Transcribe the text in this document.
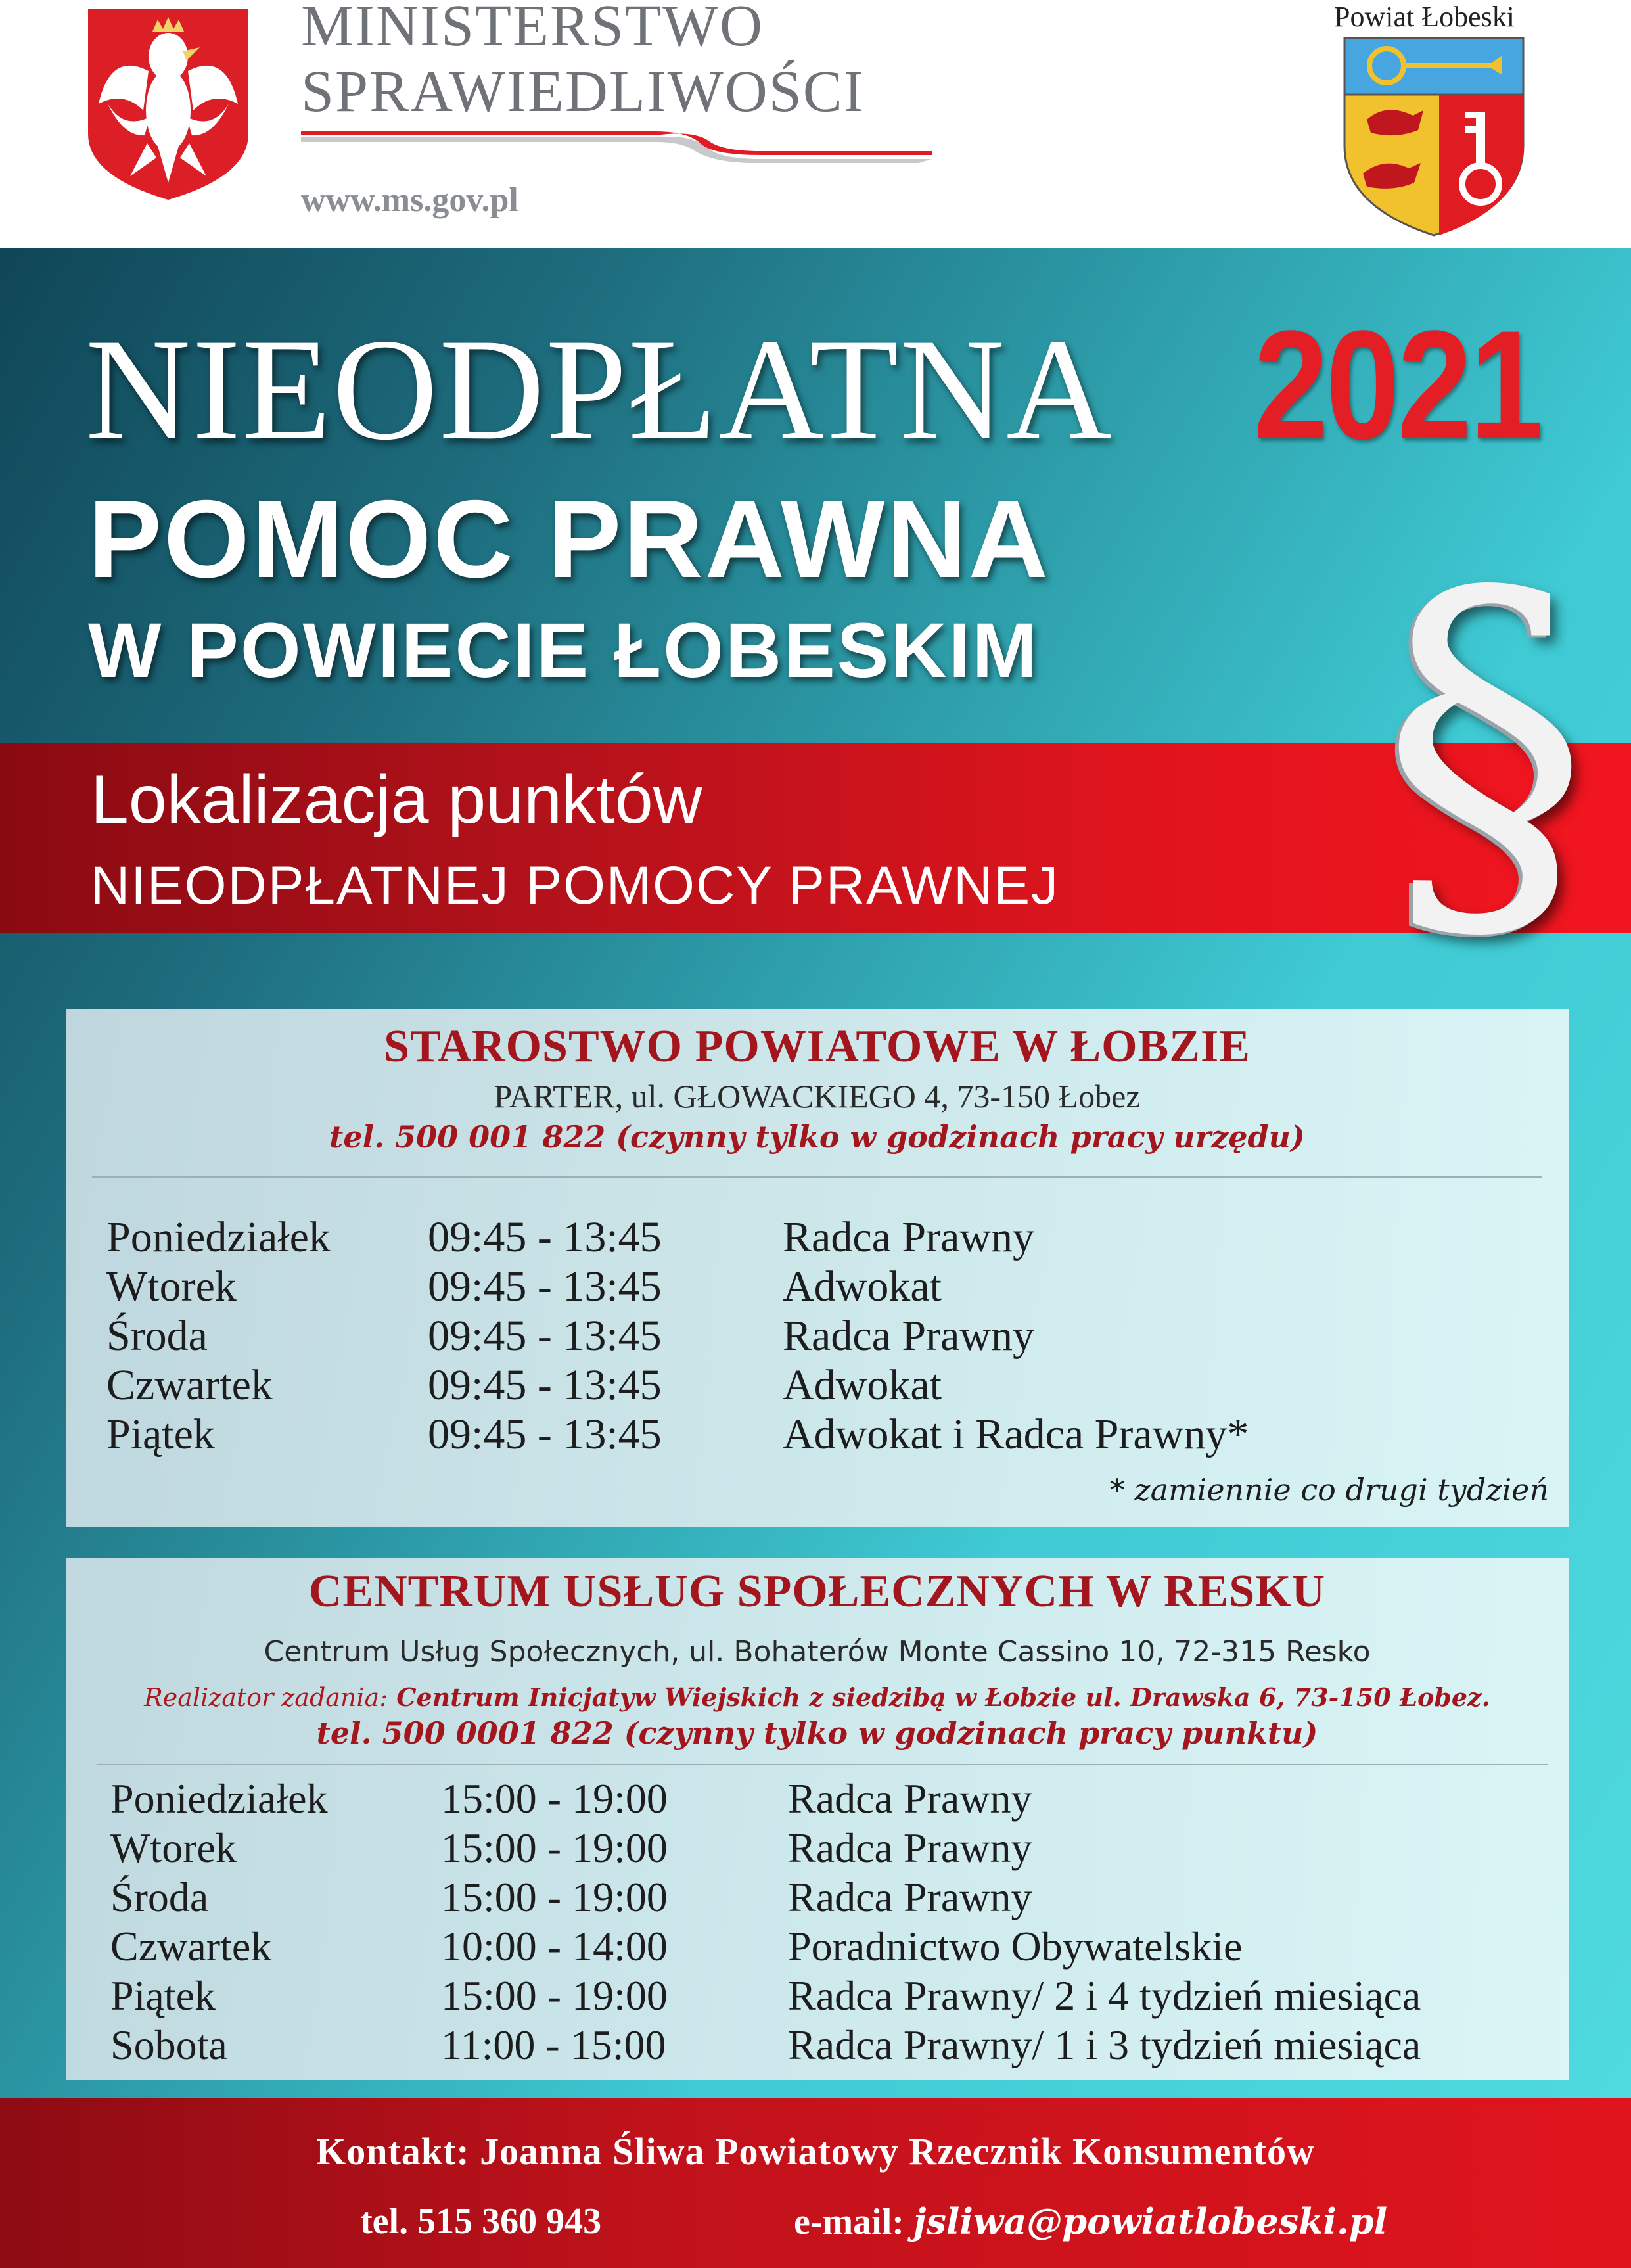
MINISTERSTWO
SPRAWIEDLIWOŚCI
www.ms.gov.pl
Powiat Łobeski
NIEODPŁATNA 2021
POMOC PRAWNA
W POWIECIE ŁOBESKIM
Lokalizacja punktów
NIEODPŁATNEJ POMOCY PRAWNEJ §
STAROSTWO POWIATOWE W ŁOBZIE
PARTER, ul. GŁOWACKIEGO 4, 73-150 Łobez
tel. 500 001 822 (czynny tylko w godzinach pracy urzędu)
Poniedziałek 09:45 - 13:45	Radca Prawny
Wtorek	09:45 - 13:45	Adwokat
Środa	09:45 - 13:45	Radca Prawny
Czwartek	09:45 - 13:45	Adwokat
Piątek	09:45 - 13:45	Adwokat i Radca Prawny*
* zamiennie co drugi tydzień
CENTRUM USŁUG SPOŁECZNYCH W RESKU
Centrum Usług Społecznych, ul. Bohaterów Monte Cassino 10, 72-315 Resko
Realizator zadania: Centrum Inicjatyw Wiejskich z siedzibą w Łobzie ul. Drawska 6, 73-150 Łobez.
tel. 500 0001 822 (czynny tylko w godzinach pracy punktu)
Poniedziałek	15:00 - 19:00	Radca Prawny
Wtorek	15:00 - 19:00	Radca Prawny
Środa	15:00 - 19:00	Radca Prawny
Czwartek	10:00 - 14:00	Poradnictwo Obywatelskie
Piątek	15:00 - 19:00	Radca Prawny/ 2 i 4 tydzień miesiąca
Sobota	11:00 - 15:00	Radca Prawny/ 1 i 3 tydzień miesiąca
Kontakt: Joanna Śliwa Powiatowy Rzecznik Konsumentów
tel. 515 360 943	e-mail: jsliwa@powiatlobeski.pl
